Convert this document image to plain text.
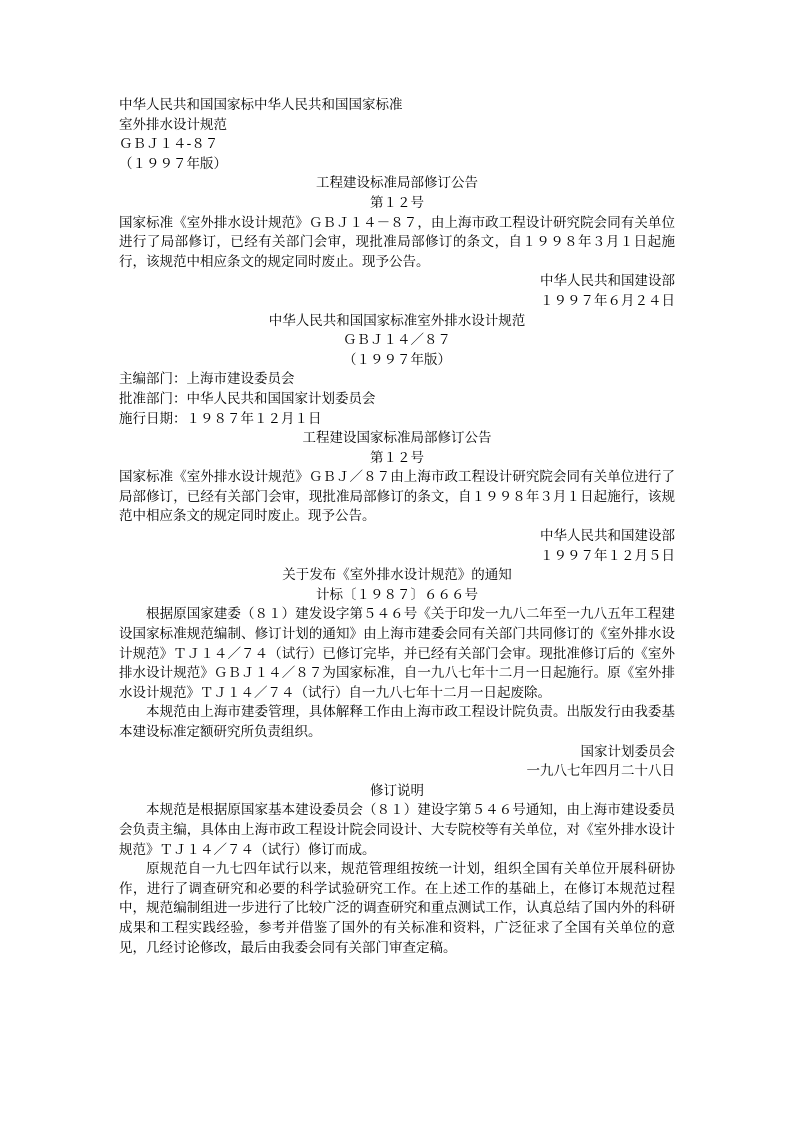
中华人民共和国国家标中华人民共和国国家标准
室外排水设计规范
ＧＢＪ１４-８７
（１９９７年版）
工程建设标准局部修订公告
第１２号

国家标准《室外排水设计规范》ＧＢＪ１４－８７，由上海市政工程设计研究院会同有关单位进行了局部修订，已经有关部门会审，现批准局部修订的条文，自１９９８年３月１日起施行，该规范中相应条文的规定同时废止。现予公告。

中华人民共和国建设部
１９９７年６月２４日
中华人民共和国国家标准室外排水设计规范
ＧＢＪ１４／８７
（１９９７年版）
主编部门：上海市建设委员会
批准部门：中华人民共和国国家计划委员会
施行日期：１９８７年１２月１日
工程建设国家标准局部修订公告
第１２号

国家标准《室外排水设计规范》ＧＢＪ／８７由上海市政工程设计研究院会同有关单位进行了局部修订，已经有关部门会审，现批准局部修订的条文，自１９９８年３月１日起施行，该规范中相应条文的规定同时废止。现予公告。

中华人民共和国建设部
１９９７年１２月５日
关于发布《室外排水设计规范》的通知
计标〔１９８７〕６６６号

根据原国家建委（８１）建发设字第５４６号《关于印发一九八二年至一九八五年工程建设国家标准规范编制、修订计划的通知》由上海市建委会同有关部门共同修订的《室外排水设计规范》ＴＪ１４／７４（试行）已修订完毕，并已经有关部门会审。现批准修订后的《室外排水设计规范》ＧＢＪ１４／８７为国家标准，自一九八七年十二月一日起施行。原《室外排水设计规范》ＴＪ１４／７４（试行）自一九八七年十二月一日起废除。

本规范由上海市建委管理，具体解释工作由上海市政工程设计院负责。出版发行由我委基本建设标准定额研究所负责组织。

国家计划委员会
一九八七年四月二十八日
修订说明

本规范是根据原国家基本建设委员会（８１）建设字第５４６号通知，由上海市建设委员会负责主编，具体由上海市政工程设计院会同设计、大专院校等有关单位，对《室外排水设计规范》ＴＪ１４／７４（试行）修订而成。

原规范自一九七四年试行以来，规范管理组按统一计划，组织全国有关单位开展科研协作，进行了调查研究和必要的科学试验研究工作。在上述工作的基础上，在修订本规范过程中，规范编制组进一步进行了比较广泛的调查研究和重点测试工作，认真总结了国内外的科研成果和工程实践经验，参考并借鉴了国外的有关标准和资料，广泛征求了全国有关单位的意见，几经讨论修改，最后由我委会同有关部门审查定稿。
